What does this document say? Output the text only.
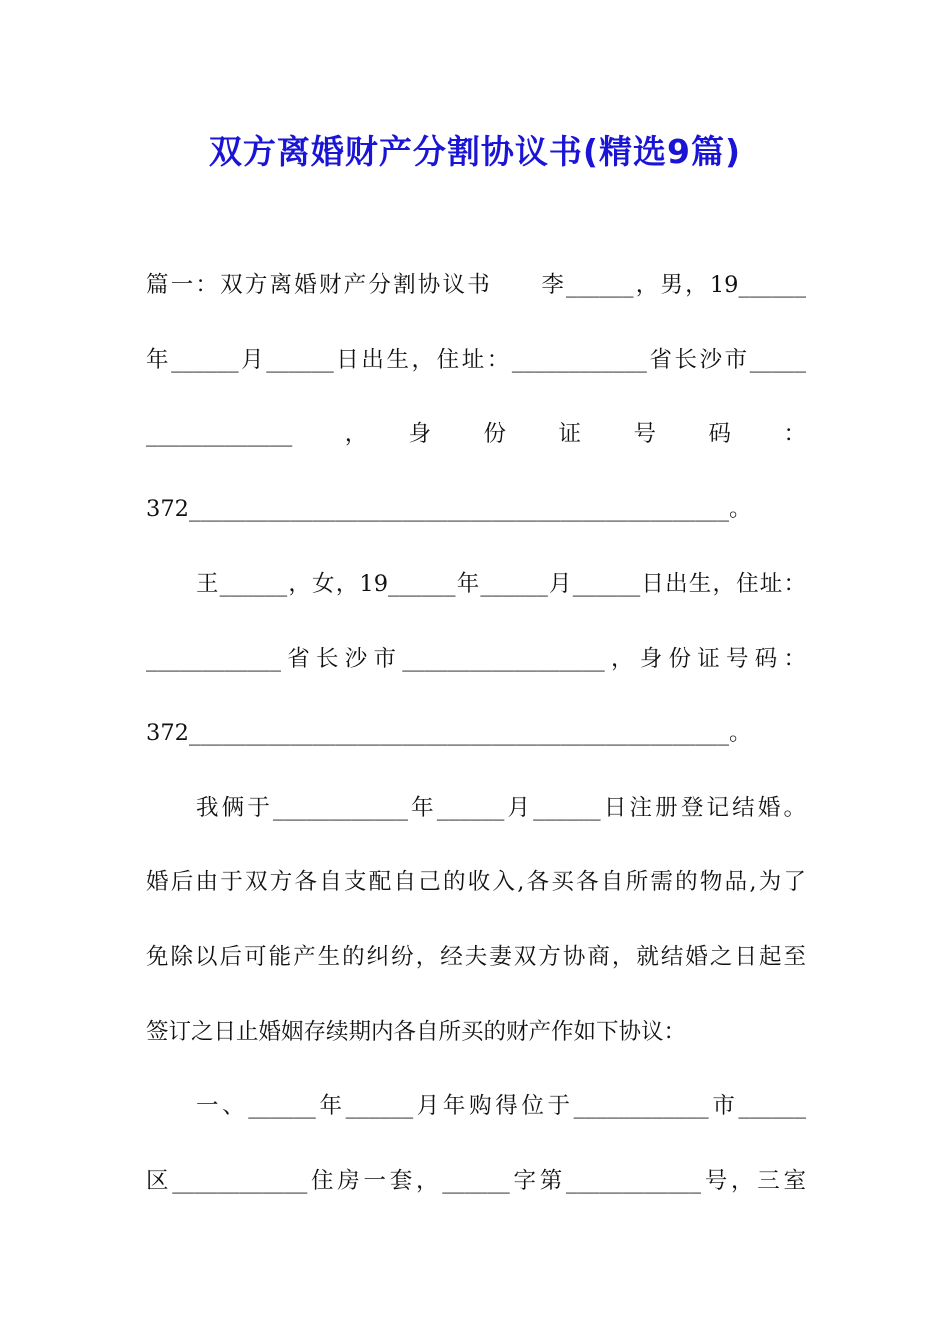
双方离婚财产分割协议书(精选9篇)
篇一：双方离婚财产分割协议书　　李______，男，19______
年______月______日出生，住址：____________省长沙市_____
_____________　，　身　份　证　号　码　：
372________________________________________________。
王______，女，19______年______月______日出生，住址：
____________省长沙市__________________，身份证号码：
372________________________________________________。
我俩于____________年______月______日注册登记结婚。
婚后由于双方各自支配自己的收入,各买各自所需的物品,为了
免除以后可能产生的纠纷，经夫妻双方协商，就结婚之日起至
签订之日止婚姻存续期内各自所买的财产作如下协议：
一、______年______月年购得位于____________市______
区____________住房一套，______字第____________号，三室
